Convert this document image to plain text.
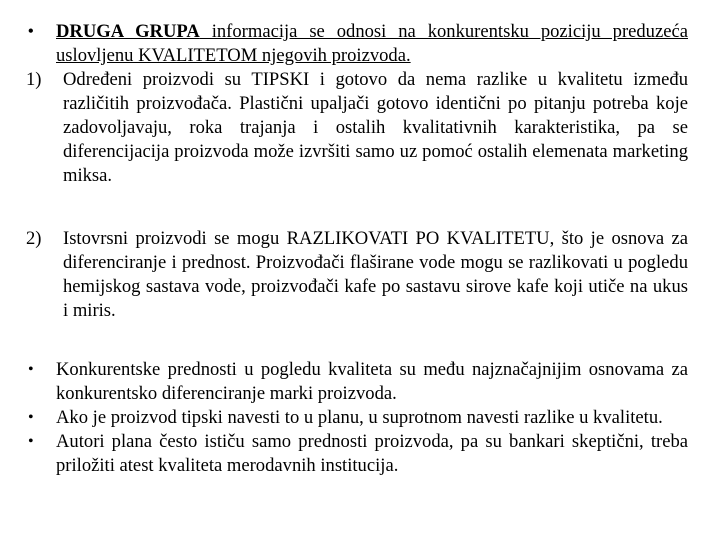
• DRUGA GRUPA informacija se odnosi na konkurentsku poziciju preduzeća uslovljenu KVALITETOM njegovih proizvoda.
1) Određeni proizvodi su TIPSKI i gotovo da nema razlike u kvalitetu između različitih proizvođača. Plastični upaljači gotovo identični po pitanju potreba koje zadovoljavaju, roka trajanja i ostalih kvalitativnih karakteristika, pa se diferencijacija proizvoda može izvršiti samo uz pomoć ostalih elemenata marketing miksa.
2) Istovrsni proizvodi se mogu RAZLIKOVATI PO KVALITETU, što je osnova za diferenciranje i prednost. Proizvođači flaširane vode mogu se razlikovati u pogledu hemijskog sastava vode, proizvođači kafe po sastavu sirove kafe koji utiče na ukus i miris.
• Konkurentske prednosti u pogledu kvaliteta su među najznačajnijim osnovama za konkurentsko diferenciranje marki proizvoda.
• Ako je proizvod tipski navesti to u planu, u suprotnom navesti razlike u kvalitetu.
• Autori plana često ističu samo prednosti proizvoda, pa su bankari skeptični, treba priložiti atest kvaliteta merodavnih institucija.
